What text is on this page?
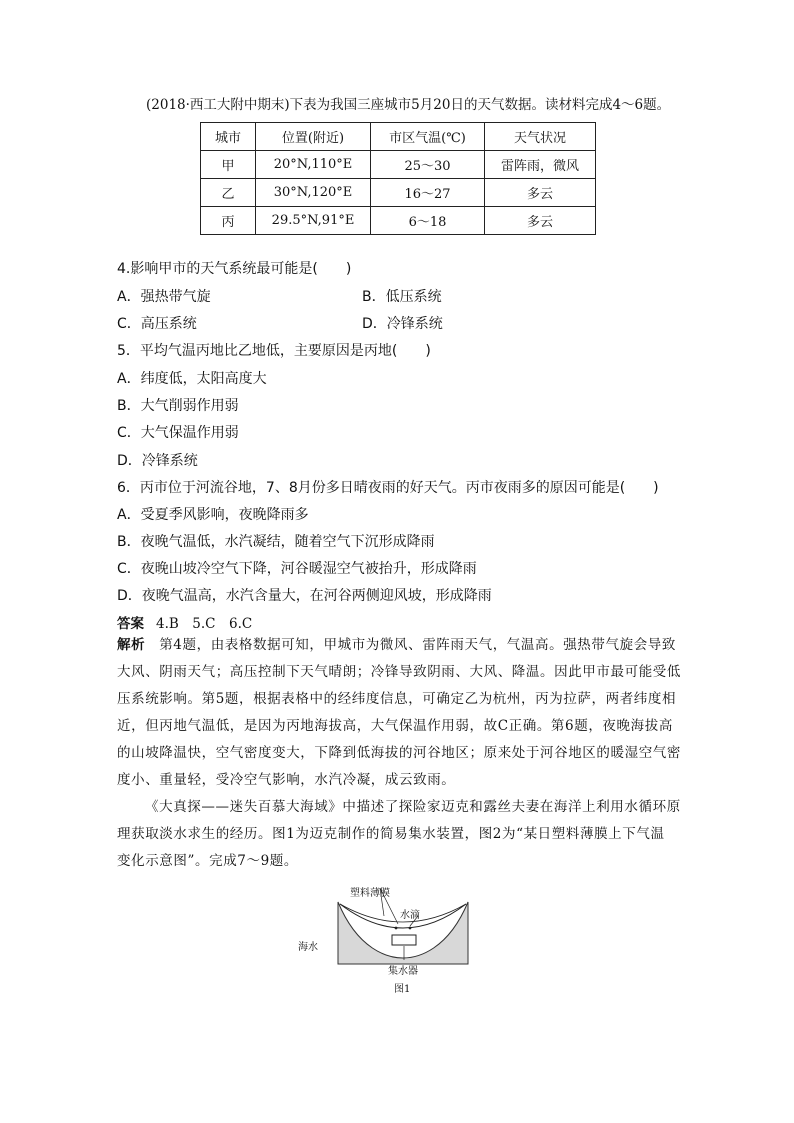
(2018·西工大附中期末)下表为我国三座城市5月20日的天气数据。读材料完成4～6题。
城市	位置(附近)	市区气温(℃)	天气状况
甲	20°N,110°E	25～30	雷阵雨，微风
乙	30°N,120°E	16～27	多云
丙	29.5°N,91°E	6～18	多云
4.影响甲市的天气系统最可能是(　　)
A．强热带气旋	B．低压系统
C．高压系统	D．冷锋系统
5．平均气温丙地比乙地低，主要原因是丙地(　　)
A．纬度低，太阳高度大
B．大气削弱作用弱
C．大气保温作用弱
D．冷锋系统
6．丙市位于河流谷地，7、8月份多日晴夜雨的好天气。丙市夜雨多的原因可能是(　　)
A．受夏季风影响，夜晚降雨多
B．夜晚气温低，水汽凝结，随着空气下沉形成降雨
C．夜晚山坡冷空气下降，河谷暖湿空气被抬升，形成降雨
D．夜晚气温高，水汽含量大，在河谷两侧迎风坡，形成降雨
答案 4.B　5.C　6.C
解析 第4题，由表格数据可知，甲城市为微风、雷阵雨天气，气温高。强热带气旋会导致
大风、阴雨天气；高压控制下天气晴朗；冷锋导致阴雨、大风、降温。因此甲市最可能受低
压系统影响。第5题，根据表格中的经纬度信息，可确定乙为杭州，丙为拉萨，两者纬度相
近，但丙地气温低，是因为丙地海拔高，大气保温作用弱，故C正确。第6题，夜晚海拔高
的山坡降温快，空气密度变大，下降到低海拔的河谷地区；原来处于河谷地区的暖湿空气密
度小、重量轻，受冷空气影响，水汽冷凝，成云致雨。
《大真探——迷失百慕大海域》中描述了探险家迈克和露丝夫妻在海洋上利用水循环原
理获取淡水求生的经历。图1为迈克制作的简易集水装置，图2为“某日塑料薄膜上下气温
变化示意图”。完成7～9题。
塑料薄膜
水滴
海水
集水器
图1
